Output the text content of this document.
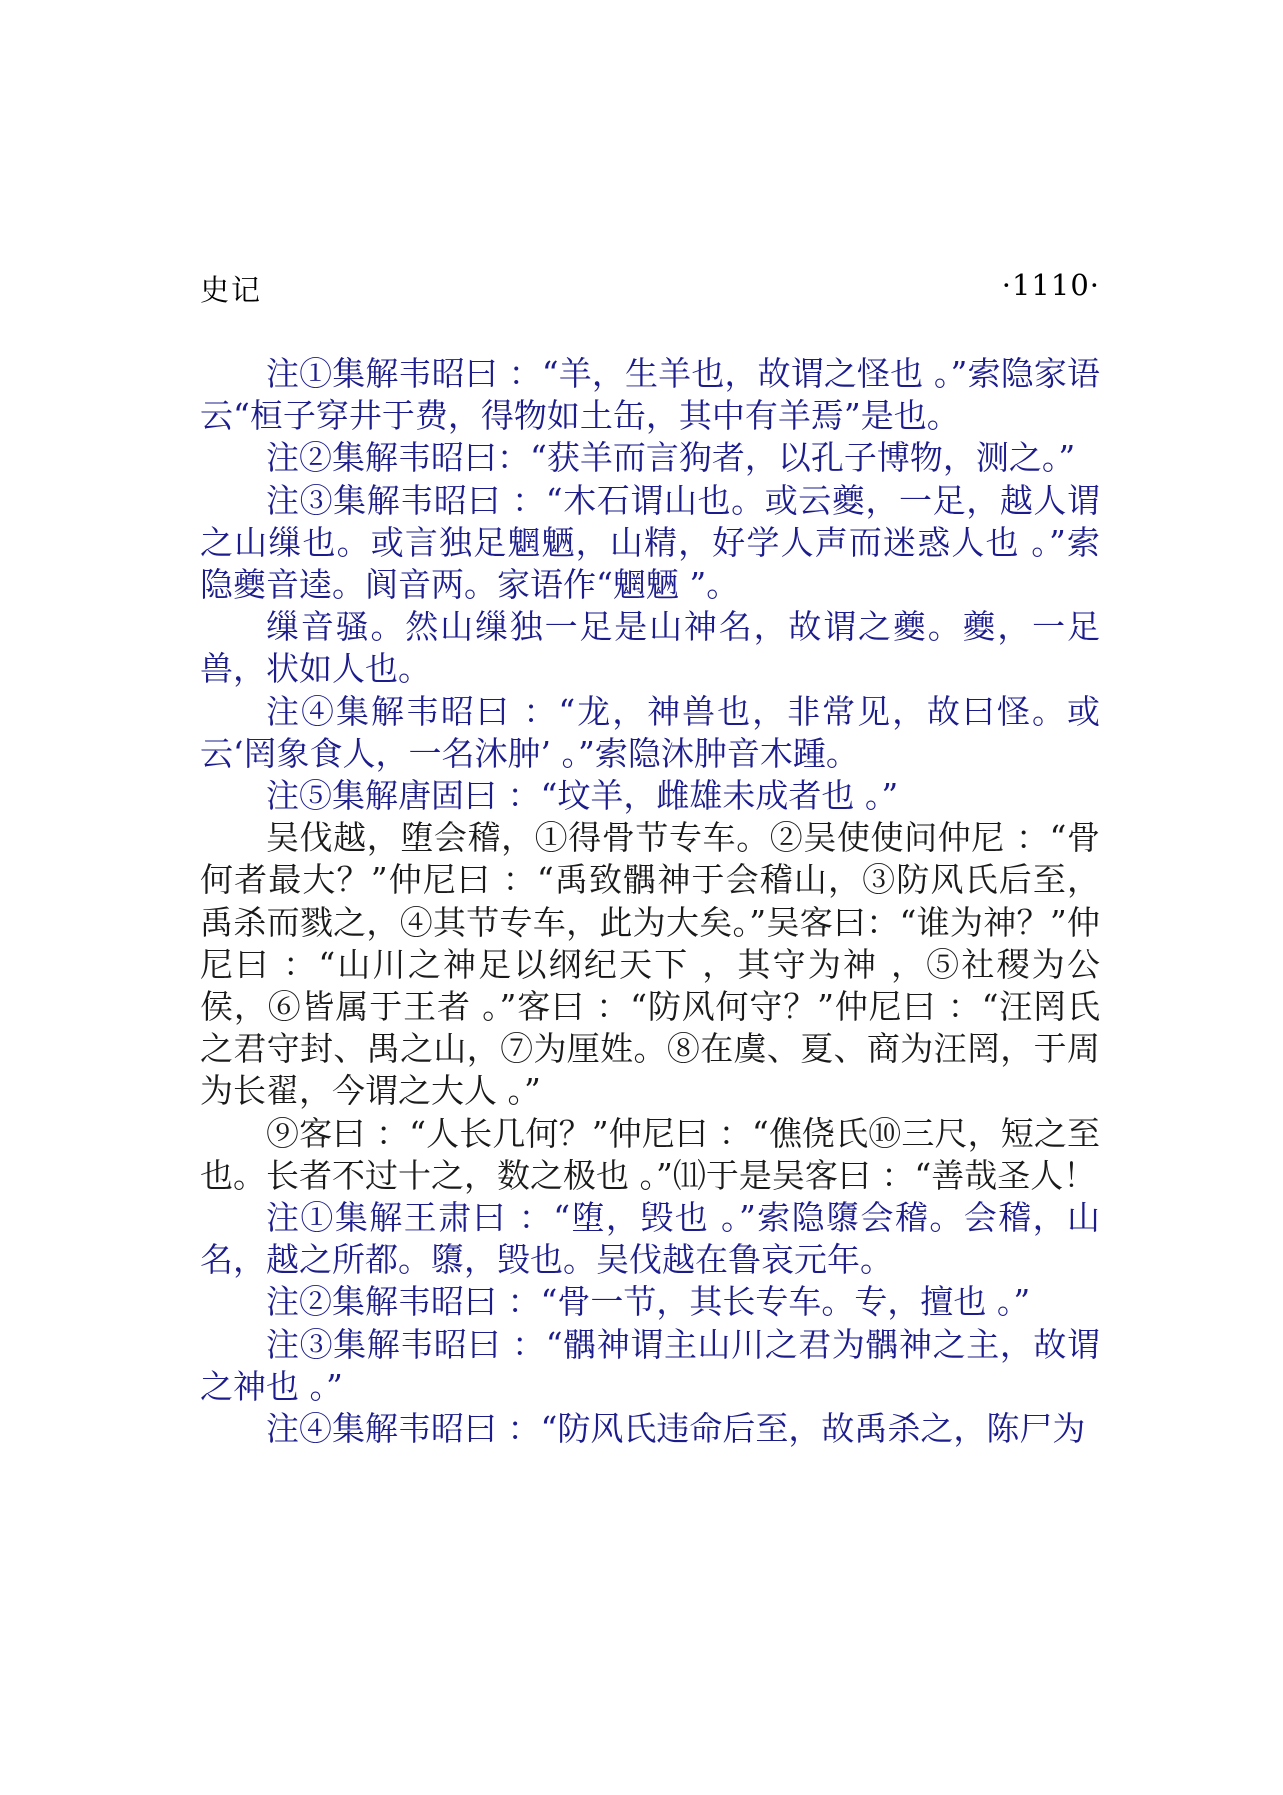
史记	·1110·

注①集解韦昭曰 ：“羊，生羊也，故谓之怪也 。”索隐家语云“桓子穿井于费，得物如土缶，其中有羊焉”是也。

注②集解韦昭曰：“获羊而言狗者，以孔子博物，测之。”

注③集解韦昭曰 ：“木石谓山也。或云夔，一足，越人谓之山缫也。或言独足魍魉，山精，好学人声而迷惑人也 。”索隐夔音逵。阆音两。家语作“魍魉 ”。

缫音骚。然山缫独一足是山神名，故谓之夔。夔，一足兽，状如人也。

注④集解韦昭曰 ：“龙，神兽也，非常见，故曰怪。或云‘罔象食人，一名沐肿’ 。”索隐沐肿音木踵。

注⑤集解唐固曰 ：“坟羊，雌雄未成者也 。”

吴伐越，堕会稽，①得骨节专车。②吴使使问仲尼 ：“骨何者最大？”仲尼曰 ：“禹致髃神于会稽山，③防风氏后至，禹杀而戮之，④其节专车，此为大矣。”吴客曰：“谁为神？”仲尼曰 ：“山川之神足以纲纪天下 ，其守为神 ，⑤社稷为公侯，⑥皆属于王者 。”客曰 ：“防风何守？”仲尼曰 ：“汪罔氏之君守封、禺之山，⑦为厘姓。⑧在虞、夏、商为汪罔，于周为长翟，今谓之大人 。”

⑨客曰 ：“人长几何？”仲尼曰 ：“僬侥氏⑩三尺，短之至也。长者不过十之，数之极也 。”⑾于是吴客曰 ：“善哉圣人！

注①集解王肃曰 ：“堕，毁也 。”索隐隳会稽。会稽，山名，越之所都。隳，毁也。吴伐越在鲁哀元年。

注②集解韦昭曰 ：“骨一节，其长专车。专，擅也 。”

注③集解韦昭曰 ：“髃神谓主山川之君为髃神之主，故谓之神也 。”

注④集解韦昭曰 ：“防风氏违命后至，故禹杀之，陈尸为
